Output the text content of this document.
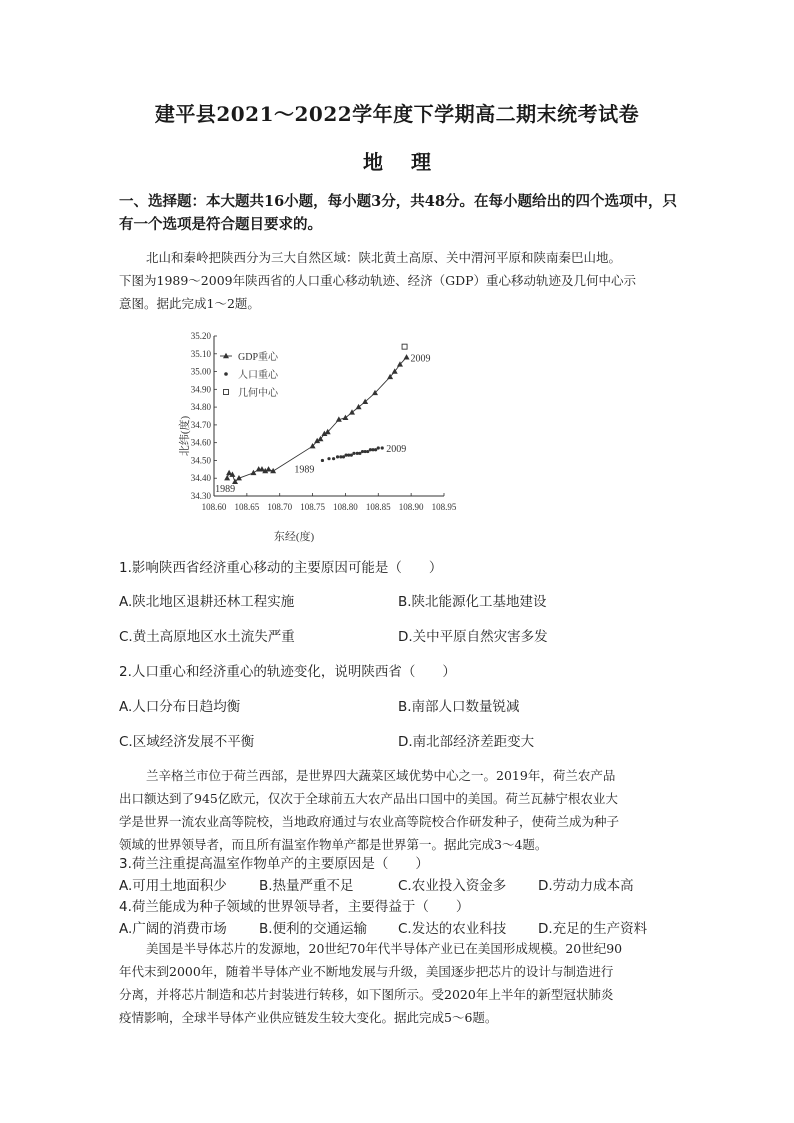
建平县2021～2022学年度下学期高二期末统考试卷
地 理
一、选择题：本大题共16小题，每小题3分，共48分。在每小题给出的四个选项中，只
有一个选项是符合题目要求的。
北山和秦岭把陕西分为三大自然区域：陕北黄土高原、关中渭河平原和陕南秦巴山地。
下图为1989～2009年陕西省的人口重心移动轨迹、经济（GDP）重心移动轨迹及几何中心示
意图。据此完成1～2题。
34.30
34.40
34.50
34.60
34.70
34.80
34.90
35.00
35.10
35.20
108.60 108.65 108.70 108.75 108.80 108.85 108.90 108.95
1989
2009
1989
2009
GDP重心
人口重心
几何中心
北纬(度)
东经(度)
1.影响陕西省经济重心移动的主要原因可能是（　　）
A.陕北地区退耕还林工程实施	B.陕北能源化工基地建设
C.黄土高原地区水土流失严重	D.关中平原自然灾害多发
2.人口重心和经济重心的轨迹变化，说明陕西省（　　）
A.人口分布日趋均衡	B.南部人口数量锐减
C.区域经济发展不平衡	D.南北部经济差距变大
兰辛格兰市位于荷兰西部，是世界四大蔬菜区域优势中心之一。2019年，荷兰农产品
出口额达到了945亿欧元，仅次于全球前五大农产品出口国中的美国。荷兰瓦赫宁根农业大
学是世界一流农业高等院校，当地政府通过与农业高等院校合作研发种子，使荷兰成为种子
领域的世界领导者，而且所有温室作物单产都是世界第一。据此完成3～4题。
3.荷兰注重提高温室作物单产的主要原因是（　　）
A.可用土地面积少 B.热量严重不足	C.农业投入资金多 D.劳动力成本高
4.荷兰能成为种子领域的世界领导者，主要得益于（　　）
A.广阔的消费市场 B.便利的交通运输 C.发达的农业科技 D.充足的生产资料
美国是半导体芯片的发源地，20世纪70年代半导体产业已在美国形成规模。20世纪90
年代末到2000年，随着半导体产业不断地发展与升级，美国逐步把芯片的设计与制造进行
分离，并将芯片制造和芯片封装进行转移，如下图所示。受2020年上半年的新型冠状肺炎
疫情影响，全球半导体产业供应链发生较大变化。据此完成5～6题。
